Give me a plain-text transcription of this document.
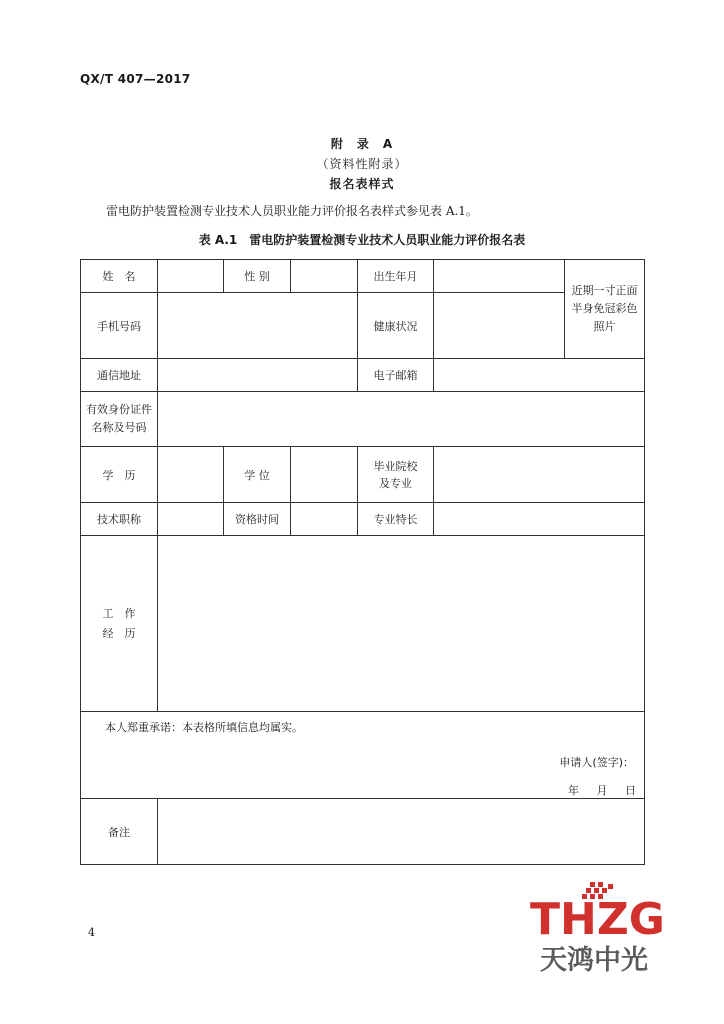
QX/T 407—2017
附　录　A
（资料性附录）
报名表样式
雷电防护装置检测专业技术人员职业能力评价报名表样式参见表 A.1。
表 A.1 雷电防护装置检测专业技术人员职业能力评价报名表
姓　名		性 别		出生年月		近期一寸正面半身免冠彩色照片
手机号码				健康状况		
通信地址				电子邮箱		
有效身份证件名称及号码						
学　历		学 位		毕业院校及专业		
技术职称		资格时间		专业特长		
工　作经　历						

本人郑重承诺：本表格所填信息均属实。
申请人(签字)：
年 月 日						

备注						
4	THZG
天鸿中光
